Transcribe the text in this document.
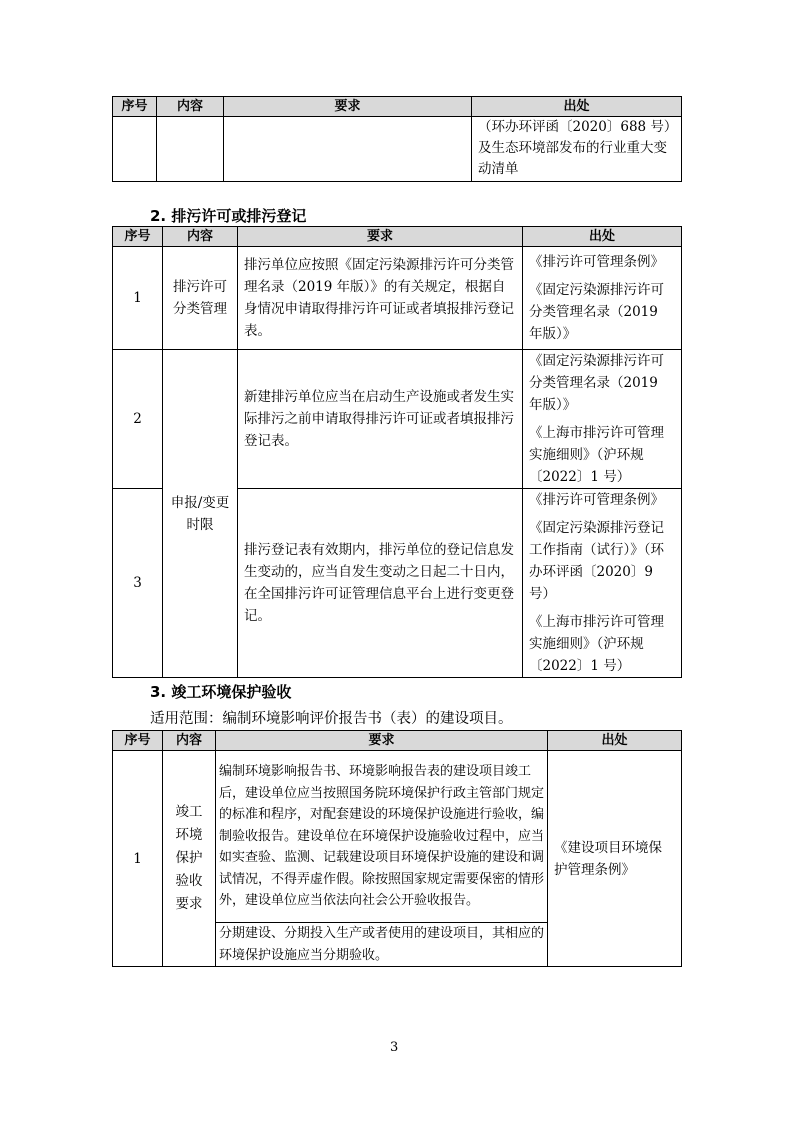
序号	内容	要求	出处
			（环办环评函〔2020〕688 号）及生态环境部发布的行业重大变动清单
2. 排污许可或排污登记
序号	内容	要求	出处
1	排污许可分类管理	排污单位应按照《固定污染源排污许可分类管理名录（2019 年版）》的有关规定，根据自身情况申请取得排污许可证或者填报排污登记表。	《排污许可管理条例》

《固定污染源排污许可分类管理名录（2019 年版）》

2	申报/变更时限	新建排污单位应当在启动生产设施或者发生实际排污之前申请取得排污许可证或者填报排污登记表。	《固定污染源排污许可分类管理名录（2019 年版）》

《上海市排污许可管理实施细则》（沪环规〔2022〕1 号）

3		排污登记表有效期内，排污单位的登记信息发生变动的，应当自发生变动之日起二十日内，在全国排污许可证管理信息平台上进行变更登记。	《排污许可管理条例》

《固定污染源排污登记工作指南（试行）》（环办环评函〔2020〕9 号）

《上海市排污许可管理实施细则》（沪环规〔2022〕1 号）

3. 竣工环境保护验收
适用范围：编制环境影响评价报告书（表）的建设项目。
序号	内容	要求	出处
1	竣工环境保护验收要求	编制环境影响报告书、环境影响报告表的建设项目竣工后，建设单位应当按照国务院环境保护行政主管部门规定的标准和程序，对配套建设的环境保护设施进行验收，编制验收报告。建设单位在环境保护设施验收过程中，应当如实查验、监测、记载建设项目环境保护设施的建设和调试情况，不得弄虚作假。除按照国家规定需要保密的情形外，建设单位应当依法向社会公开验收报告。	《建设项目环境保护管理条例》
		分期建设、分期投入生产或者使用的建设项目，其相应的环境保护设施应当分期验收。	
3
